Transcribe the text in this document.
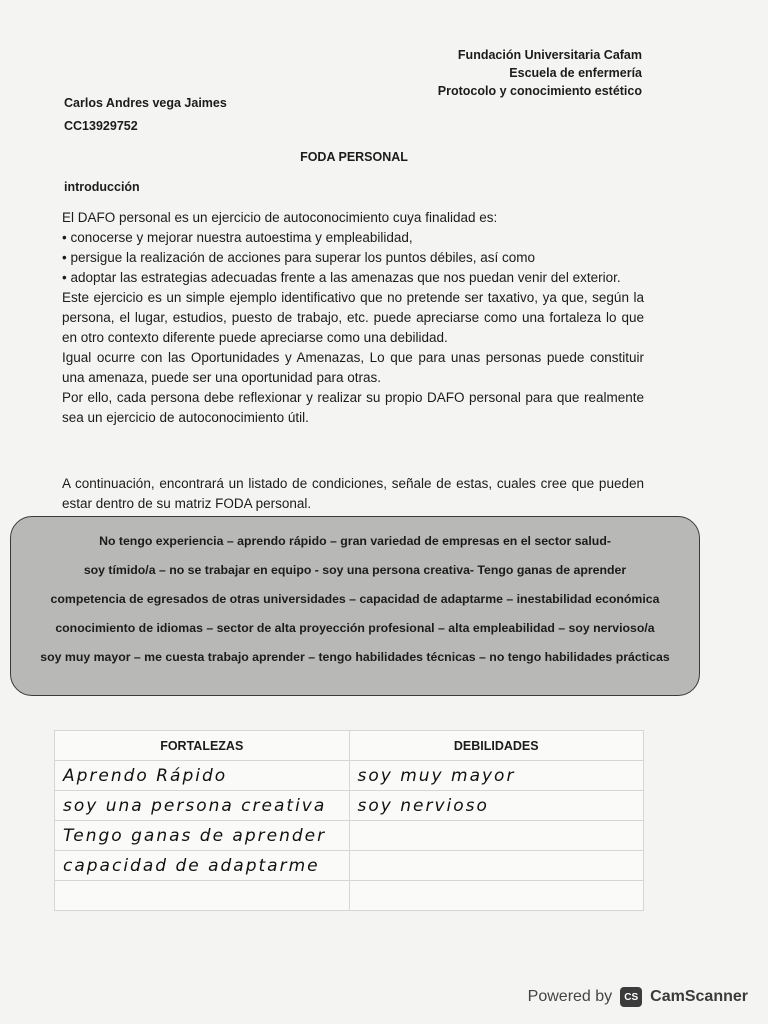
Fundación Universitaria Cafam
Escuela de enfermería
Protocolo y conocimiento estético
Carlos Andres vega Jaimes
CC13929752
FODA PERSONAL
introducción

El DAFO personal es un ejercicio de autoconocimiento cuya finalidad es:

• conocerse y mejorar nuestra autoestima y empleabilidad,

• persigue la realización de acciones para superar los puntos débiles, así como

• adoptar las estrategias adecuadas frente a las amenazas que nos puedan venir del exterior.

Este ejercicio es un simple ejemplo identificativo que no pretende ser taxativo, ya que, según la persona, el lugar, estudios, puesto de trabajo, etc. puede apreciarse como una fortaleza lo que en otro contexto diferente puede apreciarse como una debilidad.

Igual ocurre con las Oportunidades y Amenazas, Lo que para unas personas puede constituir una amenaza, puede ser una oportunidad para otras.

Por ello, cada persona debe reflexionar y realizar su propio DAFO personal para que realmente sea un ejercicio de autoconocimiento útil.

A continuación, encontrará un listado de condiciones, señale de estas, cuales cree que pueden estar dentro de su matriz FODA personal.
No tengo experiencia – aprendo rápido – gran variedad de empresas en el sector salud-
soy tímido/a – no se trabajar en equipo - soy una persona creativa- Tengo ganas de aprender
competencia de egresados de otras universidades – capacidad de adaptarme – inestabilidad económica
conocimiento de idiomas – sector de alta proyección profesional – alta empleabilidad – soy nervioso/a
soy muy mayor – me cuesta trabajo aprender – tengo habilidades técnicas – no tengo habilidades prácticas
FORTALEZAS	DEBILIDADES
Aprendo Rápido	soy muy mayor
soy una persona creativa	soy nervioso
Tengo ganas de aprender	
capacidad de adaptarme	

Powered by	CS CamScanner
